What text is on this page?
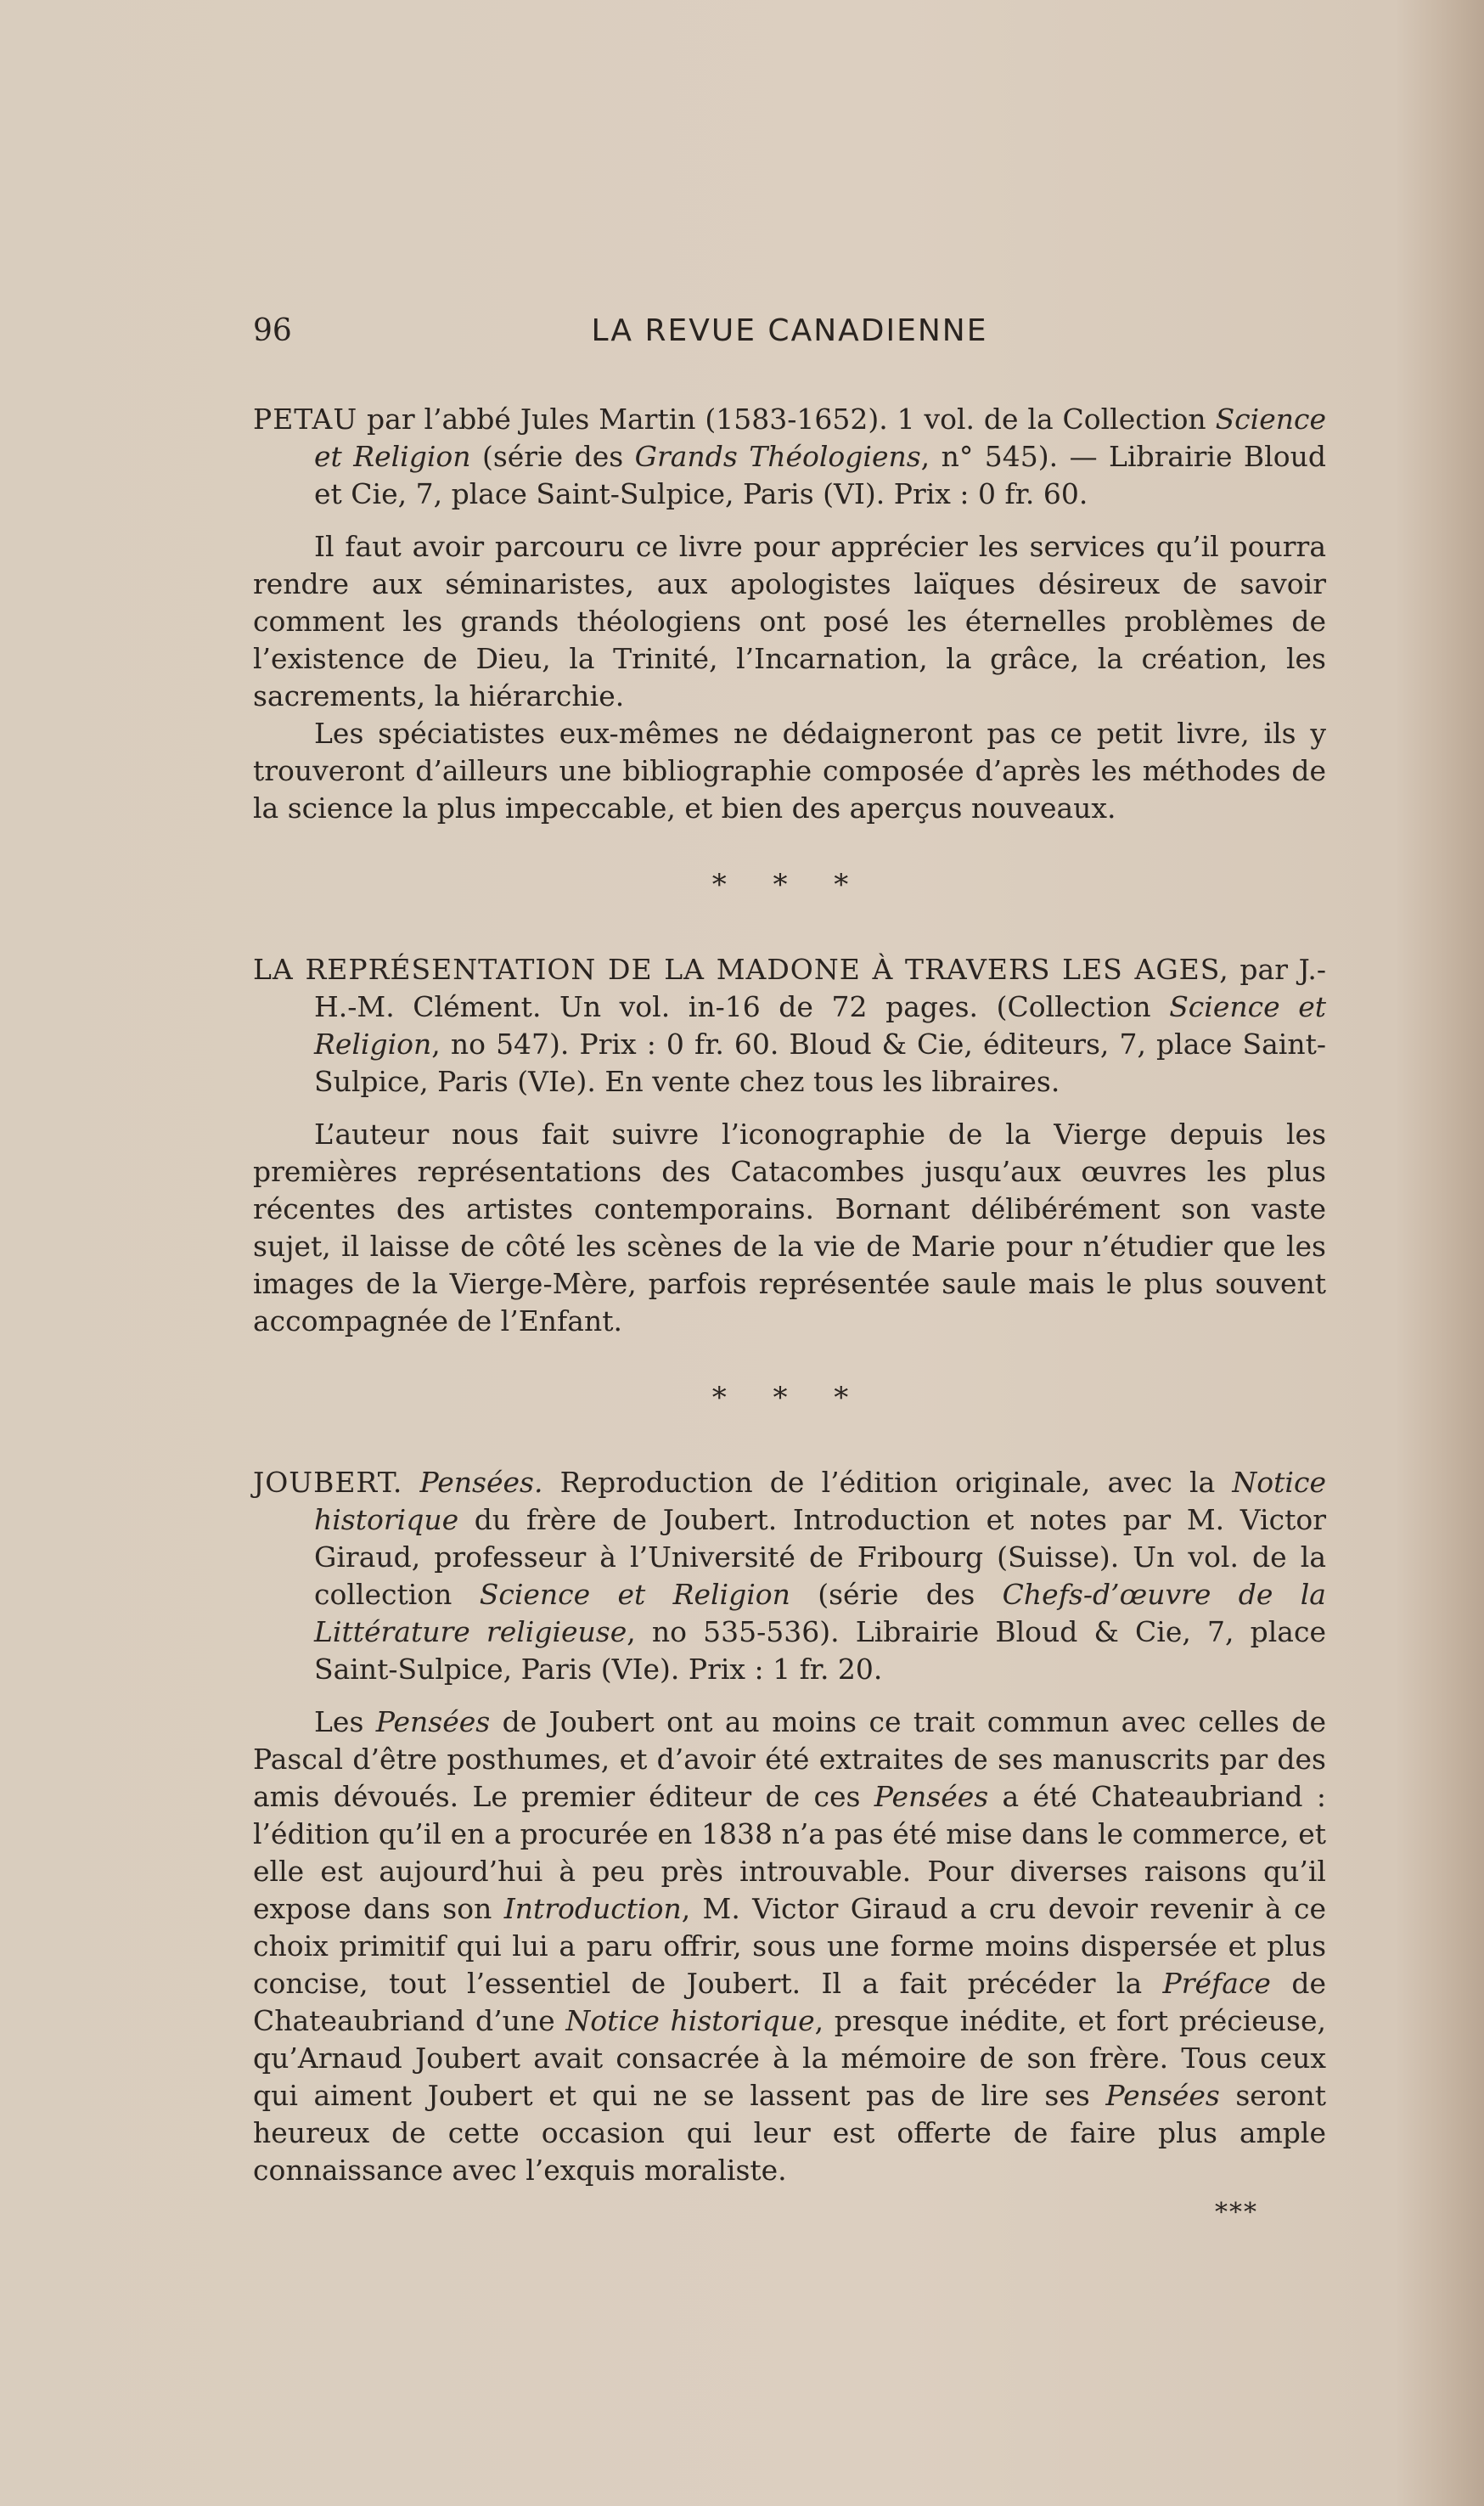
96	LA REVUE CANADIENNE

PETAU par l’abbé Jules Martin (1583-1652). 1 vol. de la Collection Science et Religion (série des Grands Théologiens, n° 545). — Librairie Bloud et Cie, 7, place Saint-Sulpice, Paris (VI). Prix : 0 fr. 60.

Il faut avoir parcouru ce livre pour apprécier les services qu’il pourra rendre aux séminaristes, aux apologistes laïques désireux de savoir comment les grands théologiens ont posé les éternelles problèmes de l’existence de Dieu, la Trinité, l’Incarnation, la grâce, la création, les sacrements, la hiérarchie.

Les spéciatistes eux-mêmes ne dédaigneront pas ce petit livre, ils y trouveront d’ailleurs une bibliographie composée d’après les méthodes de la science la plus impeccable, et bien des aperçus nouveaux.

* * *

LA REPRÉSENTATION DE LA MADONE À TRAVERS LES AGES, par J.-H.-M. Clément. Un vol. in-16 de 72 pages. (Collection Science et Religion, no 547). Prix : 0 fr. 60. Bloud & Cie, éditeurs, 7, place Saint-Sulpice, Paris (VIe). En vente chez tous les libraires.

L’auteur nous fait suivre l’iconographie de la Vierge depuis les premières représentations des Catacombes jusqu’aux œuvres les plus récentes des artistes contemporains. Bornant délibérément son vaste sujet, il laisse de côté les scènes de la vie de Marie pour n’étudier que les images de la Vierge-Mère, parfois représentée saule mais le plus souvent accompagnée de l’Enfant.

* * *

JOUBERT. Pensées. Reproduction de l’édition originale, avec la Notice historique du frère de Joubert. Introduction et notes par M. Victor Giraud, professeur à l’Université de Fribourg (Suisse). Un vol. de la collection Science et Religion (série des Chefs-d’œuvre de la Littérature religieuse, no 535-536). Librairie Bloud & Cie, 7, place Saint-Sulpice, Paris (VIe). Prix : 1 fr. 20.

Les Pensées de Joubert ont au moins ce trait commun avec celles de Pascal d’être posthumes, et d’avoir été extraites de ses manuscrits par des amis dévoués. Le premier éditeur de ces Pensées a été Chateaubriand : l’édition qu’il en a procurée en 1838 n’a pas été mise dans le commerce, et elle est aujourd’hui à peu près introuvable. Pour diverses raisons qu’il expose dans son Introduction, M. Victor Giraud a cru devoir revenir à ce choix primitif qui lui a paru offrir, sous une forme moins dispersée et plus concise, tout l’essentiel de Joubert. Il a fait précéder la Préface de Chateaubriand d’une Notice historique, presque inédite, et fort précieuse, qu’Arnaud Joubert avait consacrée à la mémoire de son frère. Tous ceux qui aiment Joubert et qui ne se lassent pas de lire ses Pensées seront heureux de cette occasion qui leur est offerte de faire plus ample connaissance avec l’exquis moraliste.

***
